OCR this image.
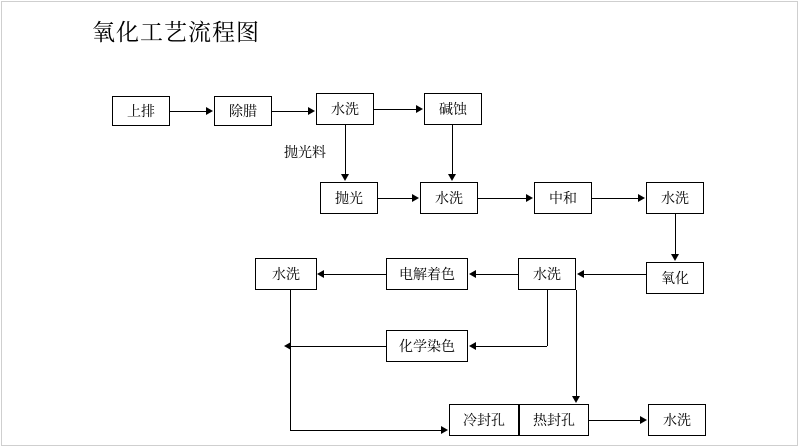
氧化工艺流程图
上排	除腊	水洗	碱蚀
抛光	水洗	中和	水洗
氧化
水洗
电解着色
水洗
化学染色
冷封孔 热封孔	水洗
抛光料
